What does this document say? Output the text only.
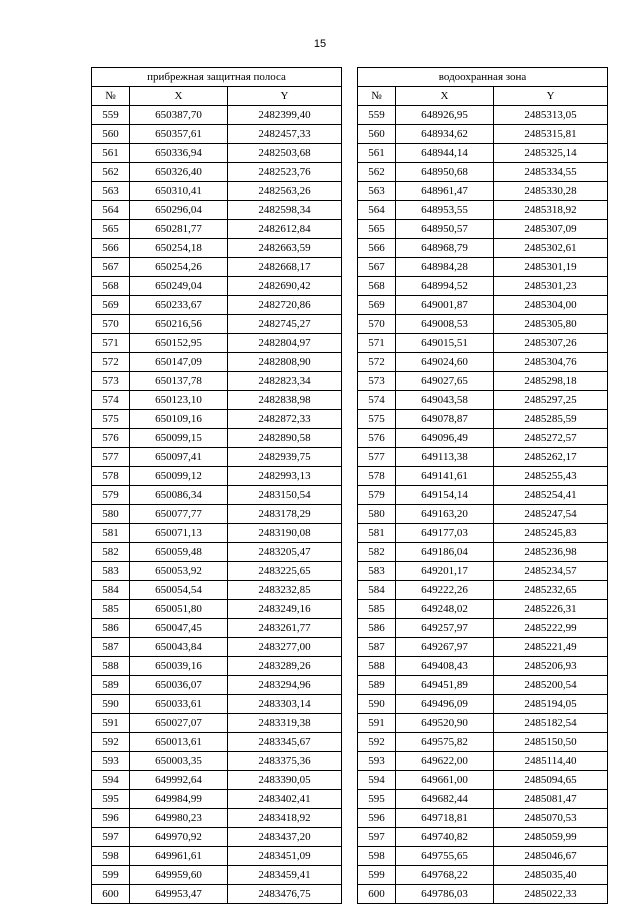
15
прибрежная защитная полоса				водоохранная зона		
№	X	Y		№	X	Y
559	650387,70	2482399,40		559	648926,95	2485313,05
560	650357,61	2482457,33		560	648934,62	2485315,81
561	650336,94	2482503,68		561	648944,14	2485325,14
562	650326,40	2482523,76		562	648950,68	2485334,55
563	650310,41	2482563,26		563	648961,47	2485330,28
564	650296,04	2482598,34		564	648953,55	2485318,92
565	650281,77	2482612,84		565	648950,57	2485307,09
566	650254,18	2482663,59		566	648968,79	2485302,61
567	650254,26	2482668,17		567	648984,28	2485301,19
568	650249,04	2482690,42		568	648994,52	2485301,23
569	650233,67	2482720,86		569	649001,87	2485304,00
570	650216,56	2482745,27		570	649008,53	2485305,80
571	650152,95	2482804,97		571	649015,51	2485307,26
572	650147,09	2482808,90		572	649024,60	2485304,76
573	650137,78	2482823,34		573	649027,65	2485298,18
574	650123,10	2482838,98		574	649043,58	2485297,25
575	650109,16	2482872,33		575	649078,87	2485285,59
576	650099,15	2482890,58		576	649096,49	2485272,57
577	650097,41	2482939,75		577	649113,38	2485262,17
578	650099,12	2482993,13		578	649141,61	2485255,43
579	650086,34	2483150,54		579	649154,14	2485254,41
580	650077,77	2483178,29		580	649163,20	2485247,54
581	650071,13	2483190,08		581	649177,03	2485245,83
582	650059,48	2483205,47		582	649186,04	2485236,98
583	650053,92	2483225,65		583	649201,17	2485234,57
584	650054,54	2483232,85		584	649222,26	2485232,65
585	650051,80	2483249,16		585	649248,02	2485226,31
586	650047,45	2483261,77		586	649257,97	2485222,99
587	650043,84	2483277,00		587	649267,97	2485221,49
588	650039,16	2483289,26		588	649408,43	2485206,93
589	650036,07	2483294,96		589	649451,89	2485200,54
590	650033,61	2483303,14		590	649496,09	2485194,05
591	650027,07	2483319,38		591	649520,90	2485182,54
592	650013,61	2483345,67		592	649575,82	2485150,50
593	650003,35	2483375,36		593	649622,00	2485114,40
594	649992,64	2483390,05		594	649661,00	2485094,65
595	649984,99	2483402,41		595	649682,44	2485081,47
596	649980,23	2483418,92		596	649718,81	2485070,53
597	649970,92	2483437,20		597	649740,82	2485059,99
598	649961,61	2483451,09		598	649755,65	2485046,67
599	649959,60	2483459,41		599	649768,22	2485035,40
600	649953,47	2483476,75		600	649786,03	2485022,33
